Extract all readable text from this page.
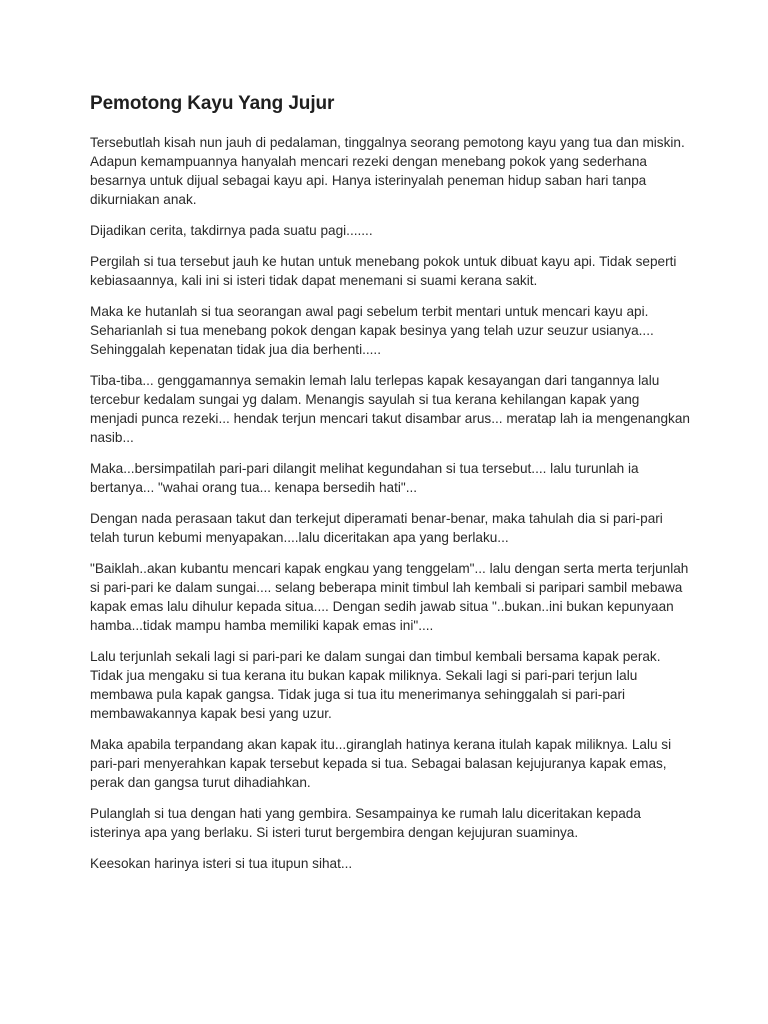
Pemotong Kayu Yang Jujur

Tersebutlah kisah nun jauh di pedalaman, tinggalnya seorang pemotong kayu yang tua dan miskin. Adapun kemampuannya hanyalah mencari rezeki dengan menebang pokok yang sederhana besarnya untuk dijual sebagai kayu api. Hanya isterinyalah peneman hidup saban hari tanpa dikurniakan anak.

Dijadikan cerita, takdirnya pada suatu pagi.......

Pergilah si tua tersebut jauh ke hutan untuk menebang pokok untuk dibuat kayu api. Tidak seperti kebiasaannya, kali ini si isteri tidak dapat menemani si suami kerana sakit.

Maka ke hutanlah si tua seorangan awal pagi sebelum terbit mentari untuk mencari kayu api. Seharianlah si tua menebang pokok dengan kapak besinya yang telah uzur seuzur usianya.... Sehinggalah kepenatan tidak jua dia berhenti.....

Tiba-tiba... genggamannya semakin lemah lalu terlepas kapak kesayangan dari tangannya lalu tercebur kedalam sungai yg dalam. Menangis sayulah si tua kerana kehilangan kapak yang menjadi punca rezeki... hendak terjun mencari takut disambar arus... meratap lah ia mengenangkan nasib...

Maka...bersimpatilah pari-pari dilangit melihat kegundahan si tua tersebut.... lalu turunlah ia bertanya... "wahai orang tua... kenapa bersedih hati"...

Dengan nada perasaan takut dan terkejut diperamati benar-benar, maka tahulah dia si pari-pari telah turun kebumi menyapakan....lalu diceritakan apa yang berlaku...

"Baiklah..akan kubantu mencari kapak engkau yang tenggelam"... lalu dengan serta merta terjunlah si pari-pari ke dalam sungai.... selang beberapa minit timbul lah kembali si paripari sambil mebawa kapak emas lalu dihulur kepada situa.... Dengan sedih jawab situa "..bukan..ini bukan kepunyaan hamba...tidak mampu hamba memiliki kapak emas ini"....

Lalu terjunlah sekali lagi si pari-pari ke dalam sungai dan timbul kembali bersama kapak perak. Tidak jua mengaku si tua kerana itu bukan kapak miliknya. Sekali lagi si pari-pari terjun lalu membawa pula kapak gangsa. Tidak juga si tua itu menerimanya sehinggalah si pari-pari membawakannya kapak besi yang uzur.

Maka apabila terpandang akan kapak itu...giranglah hatinya kerana itulah kapak miliknya. Lalu si pari-pari menyerahkan kapak tersebut kepada si tua. Sebagai balasan kejujuranya kapak emas, perak dan gangsa turut dihadiahkan.

Pulanglah si tua dengan hati yang gembira. Sesampainya ke rumah lalu diceritakan kepada isterinya apa yang berlaku. Si isteri turut bergembira dengan kejujuran suaminya.

Keesokan harinya isteri si tua itupun sihat...
